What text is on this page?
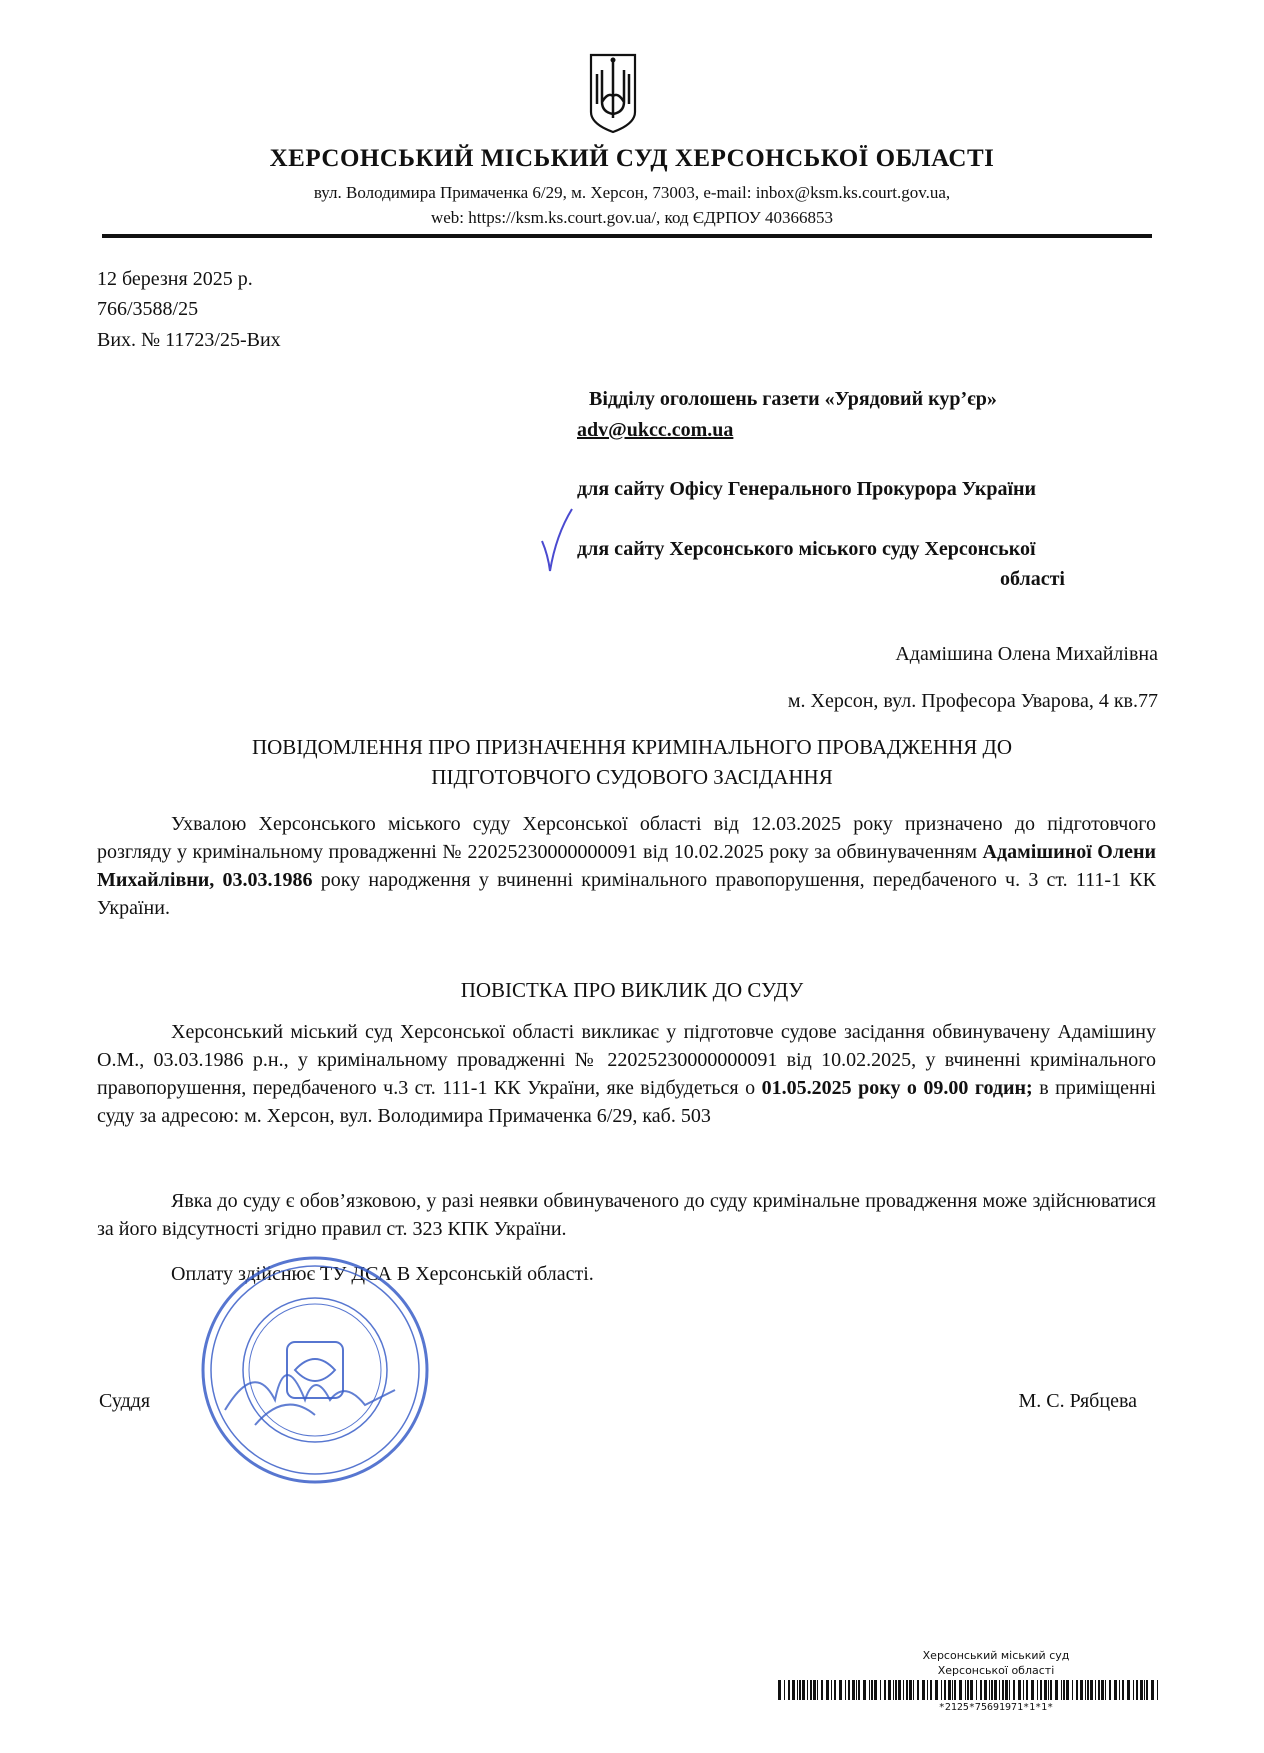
ХЕРСОНСЬКИЙ МІСЬКИЙ СУД ХЕРСОНСЬКОЇ ОБЛАСТІ
вул. Володимира Примаченка 6/29, м. Херсон, 73003, e-mail: inbox@ksm.ks.court.gov.ua,
web: https://ksm.ks.court.gov.ua/, код ЄДРПОУ 40366853
12 березня 2025 р.
766/3588/25
Вих. № 11723/25-Вих
Відділу оголошень газети «Урядовий кур’єр»
adv@ukcc.com.ua
для сайту Офісу Генерального Прокурора України
для сайту Херсонського міського суду Херсонської
області
Адамішина Олена Михайлівна
м. Херсон, вул. Професора Уварова, 4 кв.77
ПОВІДОМЛЕННЯ ПРО ПРИЗНАЧЕННЯ КРИМІНАЛЬНОГО ПРОВАДЖЕННЯ ДО
ПІДГОТОВЧОГО СУДОВОГО ЗАСІДАННЯ

Ухвалою Херсонського міського суду Херсонської області від 12.03.2025 року призначено до підготовчого розгляду у кримінальному провадженні № 22025230000000091 від 10.02.2025 року за обвинуваченням Адамішиної Олени Михайлівни, 03.03.1986 року народження у вчиненні кримінального правопорушення, передбаченого ч. 3 ст. 111-1 КК України.

ПОВІСТКА ПРО ВИКЛИК ДО СУДУ

Херсонський міський суд Херсонської області викликає у підготовче судове засідання обвинувачену Адамішину О.М., 03.03.1986 р.н., у кримінальному провадженні № 22025230000000091 від 10.02.2025, у вчиненні кримінального правопорушення, передбаченого ч.3 ст. 111-1 КК України, яке відбудеться о 01.05.2025 року о 09.00 годин; в приміщенні суду за адресою: м. Херсон, вул. Володимира Примаченка 6/29, каб. 503

Явка до суду є обов’язковою, у разі неявки обвинуваченого до суду кримінальне провадження може здійснюватися за його відсутності згідно правил ст. 323 КПК України.

Оплату здійснює ТУ ДСА В Херсонській області.

Суддя	М. С. Рябцева
Херсонський міський суд
Херсонської області
*2125*75691971*1*1*
